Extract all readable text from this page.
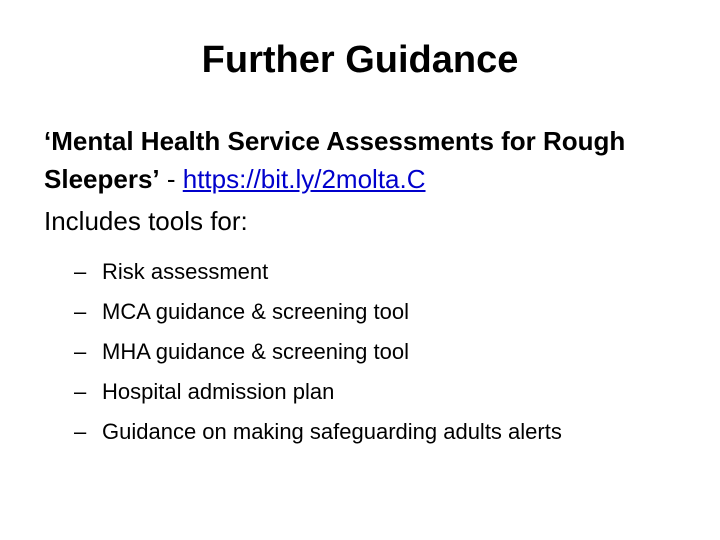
Further Guidance

‘Mental Health Service Assessments for Rough Sleepers’ - https://bit.ly/2molta.C

Includes tools for:

– Risk assessment
– MCA guidance & screening tool
– MHA guidance & screening tool
– Hospital admission plan
– Guidance on making safeguarding adults alerts
